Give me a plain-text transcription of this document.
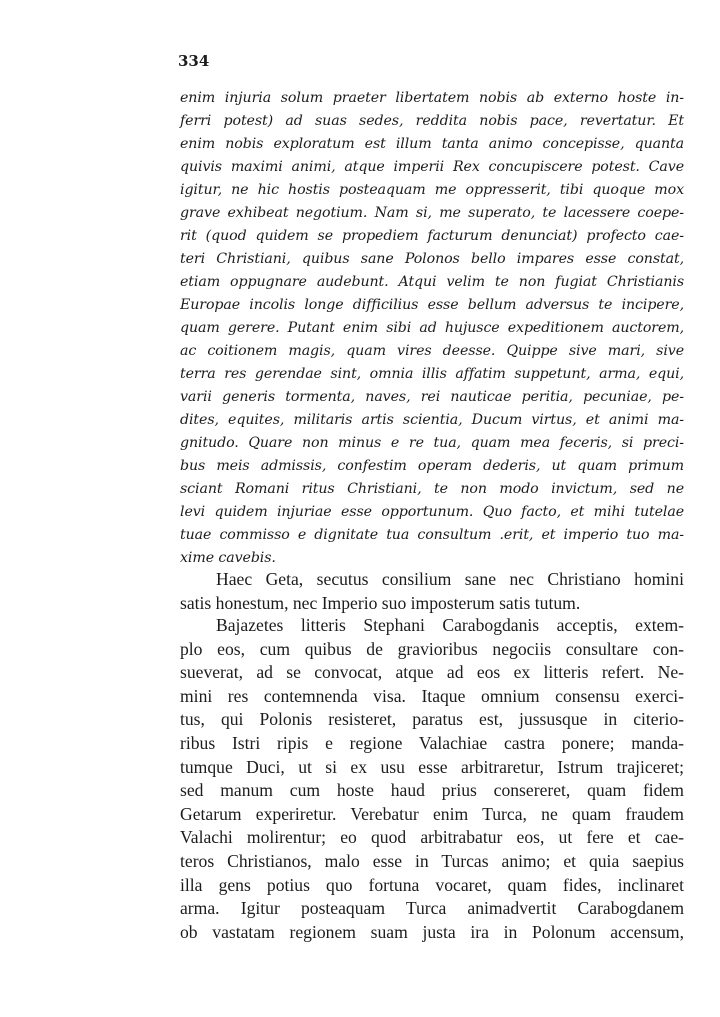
334
enim injuria solum praeter libertatem nobis ab externo hoste in-
ferri potest) ad suas sedes, reddita nobis pace, revertatur. Et
enim nobis exploratum est illum tanta animo concepisse, quanta
quivis maximi animi, atque imperii Rex concupiscere potest. Cave
igitur, ne hic hostis posteaquam me oppresserit, tibi quoque mox
grave exhibeat negotium. Nam si, me superato, te lacessere coepe-
rit (quod quidem se propediem facturum denunciat) profecto cae-
teri Christiani, quibus sane Polonos bello impares esse constat,
etiam oppugnare audebunt. Atqui velim te non fugiat Christianis
Europae incolis longe difficilius esse bellum adversus te incipere,
quam gerere. Putant enim sibi ad hujusce expeditionem auctorem,
ac coitionem magis, quam vires deesse. Quippe sive mari, sive
terra res gerendae sint, omnia illis affatim suppetunt, arma, equi,
varii generis tormenta, naves, rei nauticae peritia, pecuniae, pe-
dites, equites, militaris artis scientia, Ducum virtus, et animi ma-
gnitudo. Quare non minus e re tua, quam mea feceris, si preci-
bus meis admissis, confestim operam dederis, ut quam primum
sciant Romani ritus Christiani, te non modo invictum, sed ne
levi quidem injuriae esse opportunum. Quo facto, et mihi tutelae
tuae commisso e dignitate tua consultum .erit, et imperio tuo ma-
xime cavebis.
Haec Geta, secutus consilium sane nec Christiano homini
satis honestum, nec Imperio suo imposterum satis tutum.
Bajazetes litteris Stephani Carabogdanis acceptis, extem-
plo eos, cum quibus de gravioribus negociis consultare con-
sueverat, ad se convocat, atque ad eos ex litteris refert. Ne-
mini res contemnenda visa. Itaque omnium consensu exerci-
tus, qui Polonis resisteret, paratus est, jussusque in citerio-
ribus Istri ripis e regione Valachiae castra ponere; manda-
tumque Duci, ut si ex usu esse arbitraretur, Istrum trajiceret;
sed manum cum hoste haud prius consereret, quam fidem
Getarum experiretur. Verebatur enim Turca, ne quam fraudem
Valachi molirentur; eo quod arbitrabatur eos, ut fere et cae-
teros Christianos, malo esse in Turcas animo; et quia saepius
illa gens potius quo fortuna vocaret, quam fides, inclinaret
arma. Igitur posteaquam Turca animadvertit Carabogdanem
ob vastatam regionem suam justa ira in Polonum accensum,
